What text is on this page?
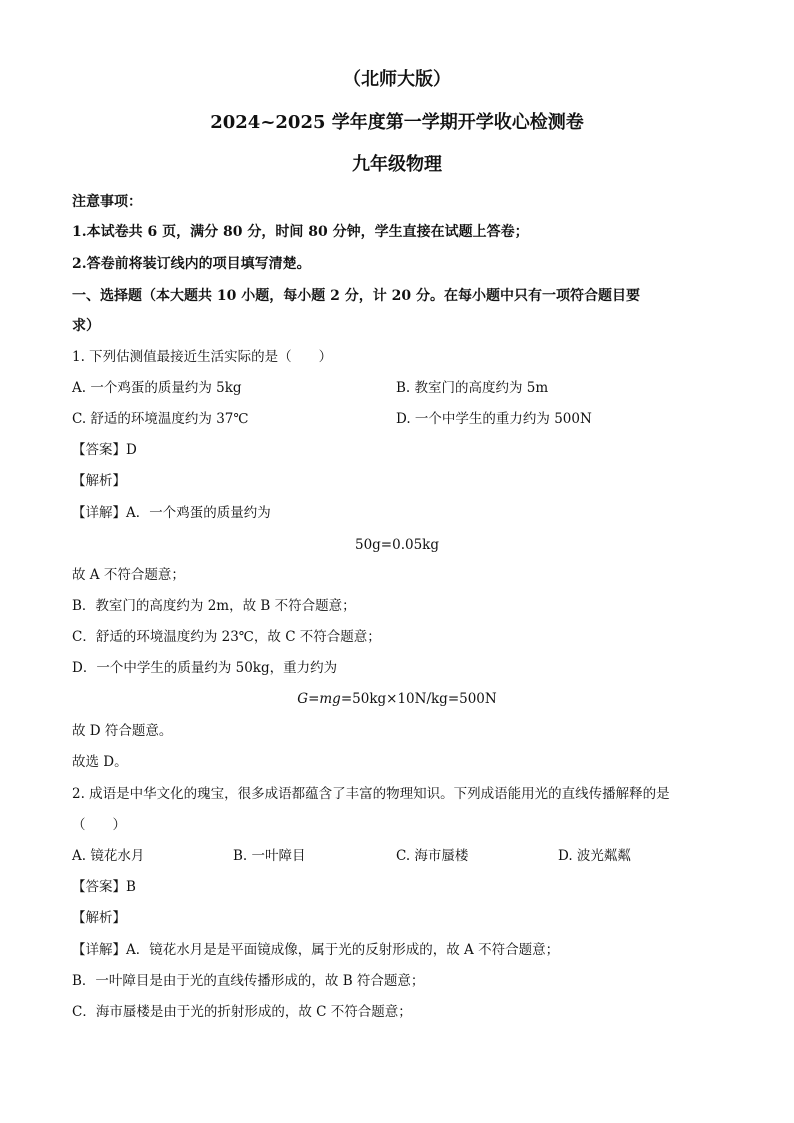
（北师大版）
2024~2025 学年度第一学期开学收心检测卷
九年级物理
注意事项：
1.本试卷共 6 页，满分 80 分，时间 80 分钟，学生直接在试题上答卷；
2.答卷前将装订线内的项目填写清楚。
一、选择题（本大题共 10 小题，每小题 2 分，计 20 分。在每小题中只有一项符合题目要
求）
1. 下列估测值最接近生活实际的是（　　）
A. 一个鸡蛋的质量约为 5kg	B. 教室门的高度约为 5m
C. 舒适的环境温度约为 37℃	D. 一个中学生的重力约为 500N
【答案】D
【解析】
【详解】A．一个鸡蛋的质量约为
50g=0.05kg
故 A 不符合题意；
B．教室门的高度约为 2m，故 B 不符合题意；
C．舒适的环境温度约为 23℃，故 C 不符合题意；
D．一个中学生的质量约为 50kg，重力约为
G=mg=50kg×10N/kg=500N
故 D 符合题意。
故选 D。
2. 成语是中华文化的瑰宝，很多成语都蕴含了丰富的物理知识。下列成语能用光的直线传播解释的是
（　　）
A. 镜花水月	B. 一叶障目	C. 海市蜃楼	D. 波光粼粼
【答案】B
【解析】
【详解】A．镜花水月是是平面镜成像，属于光的反射形成的，故 A 不符合题意；
B．一叶障目是由于光的直线传播形成的，故 B 符合题意；
C．海市蜃楼是由于光的折射形成的，故 C 不符合题意；
